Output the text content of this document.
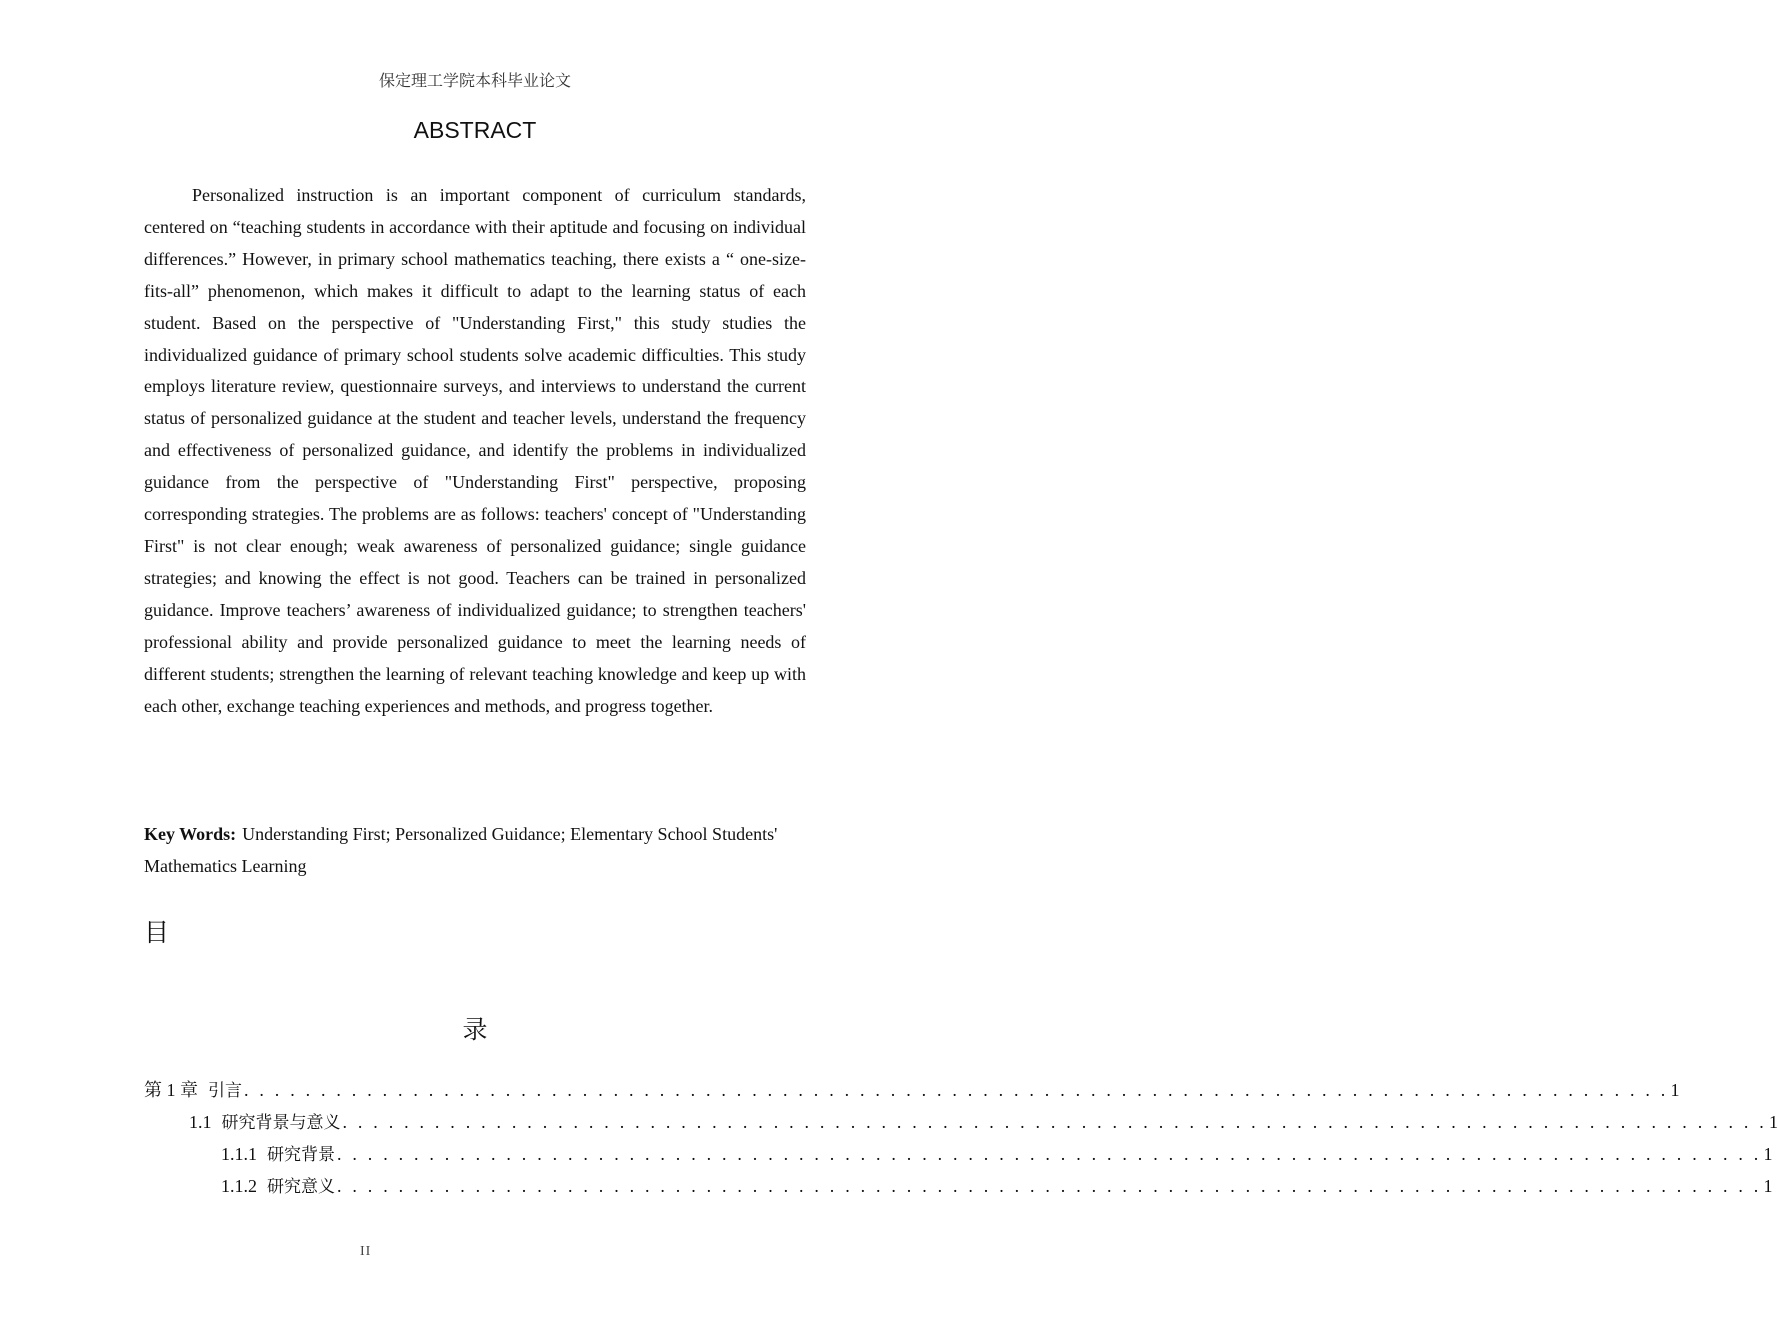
保定理工学院本科毕业论文
ABSTRACT

Personalized instruction is an important component of curriculum standards, centered on “teaching students in accordance with their aptitude and focusing on individual differences.” However, in primary school mathematics teaching, there exists a “ one-size-fits-all” phenomenon, which makes it difficult to adapt to the learning status of each student. Based on the perspective of "Understanding First," this study studies the individualized guidance of primary school students solve academic difficulties. This study employs literature review, questionnaire surveys, and interviews to understand the current status of personalized guidance at the student and teacher levels, understand the frequency and effectiveness of personalized guidance, and identify the problems in individualized guidance from the perspective of "Understanding First" perspective, proposing corresponding strategies. The problems are as follows: teachers' concept of "Understanding First" is not clear enough; weak awareness of personalized guidance; single guidance strategies; and knowing the effect is not good. Teachers can be trained in personalized guidance. Improve teachers’ awareness of individualized guidance; to strengthen teachers' professional ability and provide personalized guidance to meet the learning needs of different students; strengthen the learning of relevant teaching knowledge and keep up with each other, exchange teaching experiences and methods, and progress together.

Key Words: Understanding First; Personalized Guidance; Elementary School Students' Mathematics Learning

目
录
第 1 章 引言 . . . . . . . . . . . . . . . . . . . . . . . . . . . . . . . . . . . . . . . . . . . . . . . . . . . . . . . . . . . . . . . . . . . . . . . . . . . . . . . . . . . . . . . . . . . . . 1
1.1 研究背景与意义 . . . . . . . . . . . . . . . . . . . . . . . . . . . . . . . . . . . . . . . . . . . . . . . . . . . . . . . . . . . . . . . . . . . . . . . . . . . . . . . . . . . . . . . . . . . . . 1
1.1.1 研究背景 . . . . . . . . . . . . . . . . . . . . . . . . . . . . . . . . . . . . . . . . . . . . . . . . . . . . . . . . . . . . . . . . . . . . . . . . . . . . . . . . . . . . . . . . . . . . . 1
1.1.2 研究意义 . . . . . . . . . . . . . . . . . . . . . . . . . . . . . . . . . . . . . . . . . . . . . . . . . . . . . . . . . . . . . . . . . . . . . . . . . . . . . . . . . . . . . . . . . . . . . 1
II
